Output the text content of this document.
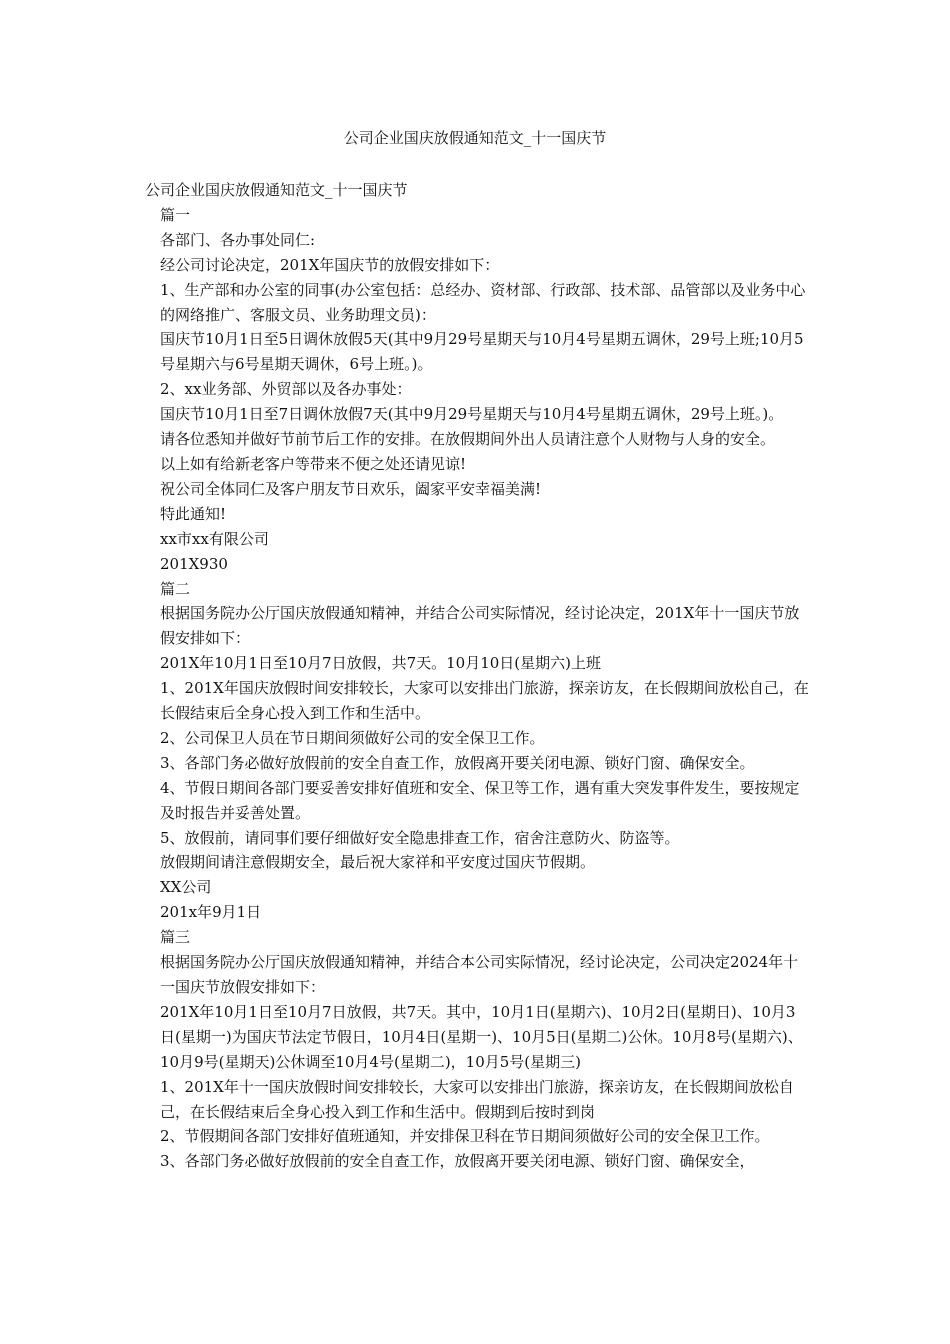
公司企业国庆放假通知范文_十一国庆节

公司企业国庆放假通知范文_十一国庆节

篇一

各部门、各办事处同仁:

经公司讨论决定，201X年国庆节的放假安排如下：

1、生产部和办公室的同事(办公室包括：总经办、资材部、行政部、技术部、品管部以及业务中心的网络推广、客服文员、业务助理文员)：

国庆节10月1日至5日调休放假5天(其中9月29号星期天与10月4号星期五调休，29号上班;10月5号星期六与6号星期天调休，6号上班。)。

2、xx业务部、外贸部以及各办事处：

国庆节10月1日至7日调休放假7天(其中9月29号星期天与10月4号星期五调休，29号上班。)。

请各位悉知并做好节前节后工作的安排。在放假期间外出人员请注意个人财物与人身的安全。

以上如有给新老客户等带来不便之处还请见谅!

祝公司全体同仁及客户朋友节日欢乐，阖家平安幸福美满!

特此通知!

xx市xx有限公司

201X930

篇二

根据国务院办公厅国庆放假通知精神，并结合公司实际情况，经讨论决定，201X年十一国庆节放假安排如下：

201X年10月1日至10月7日放假，共7天。10月10日(星期六)上班

1、201X年国庆放假时间安排较长，大家可以安排出门旅游，探亲访友，在长假期间放松自己，在长假结束后全身心投入到工作和生活中。

2、公司保卫人员在节日期间须做好公司的安全保卫工作。

3、各部门务必做好放假前的安全自查工作，放假离开要关闭电源、锁好门窗、确保安全。

4、节假日期间各部门要妥善安排好值班和安全、保卫等工作，遇有重大突发事件发生，要按规定及时报告并妥善处置。

5、放假前，请同事们要仔细做好安全隐患排查工作，宿舍注意防火、防盗等。

放假期间请注意假期安全，最后祝大家祥和平安度过国庆节假期。

XX公司

201x年9月1日

篇三

根据国务院办公厅国庆放假通知精神，并结合本公司实际情况，经讨论决定，公司决定2024年十一国庆节放假安排如下：

201X年10月1日至10月7日放假，共7天。其中，10月1日(星期六)、10月2日(星期日)、10月3日(星期一)为国庆节法定节假日，10月4日(星期一)、10月5日(星期二)公休。10月8号(星期六)、10月9号(星期天)公休调至10月4号(星期二)，10月5号(星期三)

1、201X年十一国庆放假时间安排较长，大家可以安排出门旅游，探亲访友，在长假期间放松自己，在长假结束后全身心投入到工作和生活中。假期到后按时到岗

2、节假期间各部门安排好值班通知，并安排保卫科在节日期间须做好公司的安全保卫工作。

3、各部门务必做好放假前的安全自查工作，放假离开要关闭电源、锁好门窗、确保安全，
